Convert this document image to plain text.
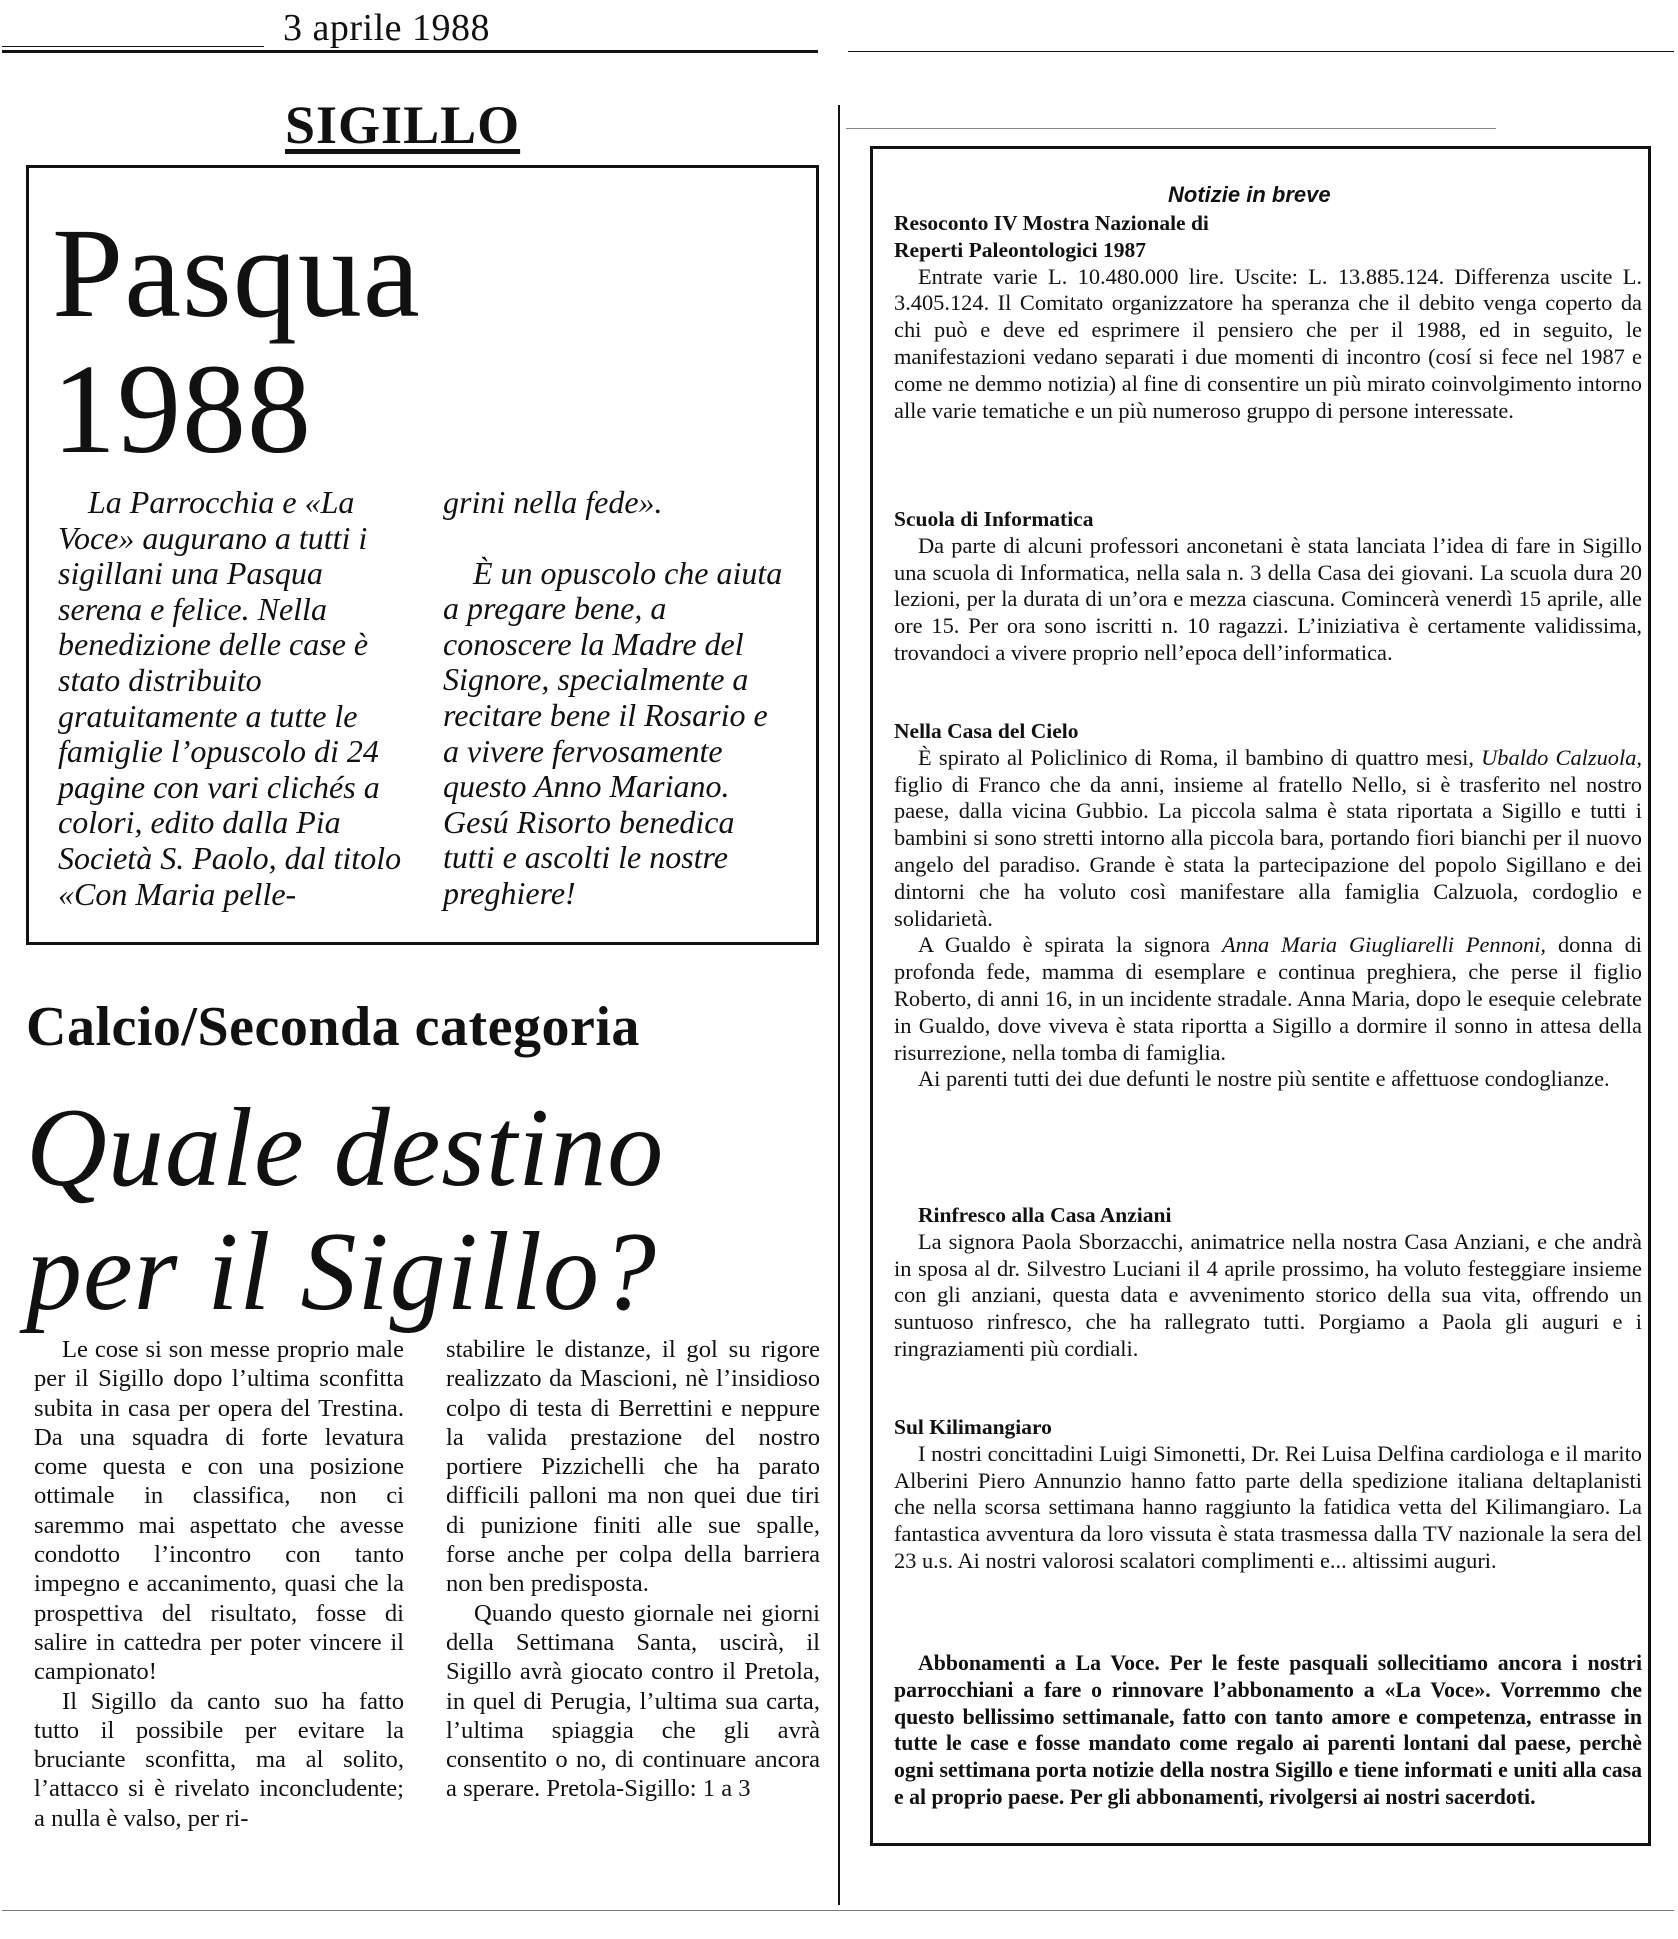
3 aprile 1988
SIGILLO
Pasqua
1988

La Parrocchia e «La Voce» augurano a tutti i sigillani una Pasqua serena e felice. Nella benedizione delle case è stato distribuito gratuitamente a tutte le famiglie l’opuscolo di 24 pagine con vari clichés a colori, edito dalla Pia Società S. Paolo, dal titolo «Con Maria pelle-

grini nella fede».

È un opuscolo che aiuta a pregare bene, a conoscere la Madre del Signore, specialmente a recitare bene il Rosario e a vivere fervosamente questo Anno Mariano. Gesú Risorto benedica tutti e ascolti le nostre preghiere!

Calcio/Seconda categoria
Quale destino
per il Sigillo?

Le cose si son messe proprio male per il Sigillo dopo l’ultima sconfitta subita in casa per opera del Trestina. Da una squadra di forte levatura come questa e con una posizione ottimale in classifica, non ci saremmo mai aspettato che avesse condotto l’incontro con tanto impegno e accanimento, quasi che la prospettiva del risultato, fosse di salire in cattedra per poter vincere il campionato!

Il Sigillo da canto suo ha fatto tutto il possibile per evitare la bruciante sconfitta, ma al solito, l’attacco si è rivelato inconcludente; a nulla è valso, per ri-

stabilire le distanze, il gol su rigore realizzato da Mascioni, nè l’insidioso colpo di testa di Berrettini e neppure la valida prestazione del nostro portiere Pizzichelli che ha parato difficili palloni ma non quei due tiri di punizione finiti alle sue spalle, forse anche per colpa della barriera non ben predisposta.

Quando questo giornale nei giorni della Settimana Santa, uscirà, il Sigillo avrà giocato contro il Pretola, in quel di Perugia, l’ultima sua carta, l’ultima spiaggia che gli avrà consentito o no, di continuare ancora a sperare. Pretola-Sigillo: 1 a 3

Notizie in breve
Resoconto IV Mostra Nazionale di Reperti Paleontologici 1987

Entrate varie L. 10.480.000 lire. Uscite: L. 13.885.124. Differenza uscite L. 3.405.124. Il Comitato organizzatore ha speranza che il debito venga coperto da chi può e deve ed esprimere il pensiero che per il 1988, ed in seguito, le manifestazioni vedano separati i due momenti di incontro (cosí si fece nel 1987 e come ne demmo notizia) al fine di consentire un più mirato coinvolgimento intorno alle varie tematiche e un più numeroso gruppo di persone interessate.

Scuola di Informatica

Da parte di alcuni professori anconetani è stata lanciata l’idea di fare in Sigillo una scuola di Informatica, nella sala n. 3 della Casa dei giovani. La scuola dura 20 lezioni, per la durata di un’ora e mezza ciascuna. Comincerà venerdì 15 aprile, alle ore 15. Per ora sono iscritti n. 10 ragazzi. L’iniziativa è certamente validissima, trovandoci a vivere proprio nell’epoca dell’informatica.

Nella Casa del Cielo

È spirato al Policlinico di Roma, il bambino di quattro mesi, Ubaldo Calzuola, figlio di Franco che da anni, insieme al fratello Nello, si è trasferito nel nostro paese, dalla vicina Gubbio. La piccola salma è stata riportata a Sigillo e tutti i bambini si sono stretti intorno alla piccola bara, portando fiori bianchi per il nuovo angelo del paradiso. Grande è stata la partecipazione del popolo Sigillano e dei dintorni che ha voluto così manifestare alla famiglia Calzuola, cordoglio e solidarietà.

A Gualdo è spirata la signora Anna Maria Giugliarelli Pennoni, donna di profonda fede, mamma di esemplare e continua preghiera, che perse il figlio Roberto, di anni 16, in un incidente stradale. Anna Maria, dopo le esequie celebrate in Gualdo, dove viveva è stata riportta a Sigillo a dormire il sonno in attesa della risurrezione, nella tomba di famiglia.

Ai parenti tutti dei due defunti le nostre più sentite e affettuose condoglianze.

Rinfresco alla Casa Anziani

La signora Paola Sborzacchi, animatrice nella nostra Casa Anziani, e che andrà in sposa al dr. Silvestro Luciani il 4 aprile prossimo, ha voluto festeggiare insieme con gli anziani, questa data e avvenimento storico della sua vita, offrendo un suntuoso rinfresco, che ha rallegrato tutti. Porgiamo a Paola gli auguri e i ringraziamenti più cordiali.

Sul Kilimangiaro

I nostri concittadini Luigi Simonetti, Dr. Rei Luisa Delfina cardiologa e il marito Alberini Piero Annunzio hanno fatto parte della spedizione italiana deltaplanisti che nella scorsa settimana hanno raggiunto la fatidica vetta del Kilimangiaro. La fantastica avventura da loro vissuta è stata trasmessa dalla TV nazionale la sera del 23 u.s. Ai nostri valorosi scalatori complimenti e... altissimi auguri.

Abbonamenti a La Voce. Per le feste pasquali sollecitiamo ancora i nostri parrocchiani a fare o rinnovare l’abbonamento a «La Voce». Vorremmo che questo bellissimo settimanale, fatto con tanto amore e competenza, entrasse in tutte le case e fosse mandato come regalo ai parenti lontani dal paese, perchè ogni settimana porta notizie della nostra Sigillo e tiene informati e uniti alla casa e al proprio paese. Per gli abbonamenti, rivolgersi ai nostri sacerdoti.
